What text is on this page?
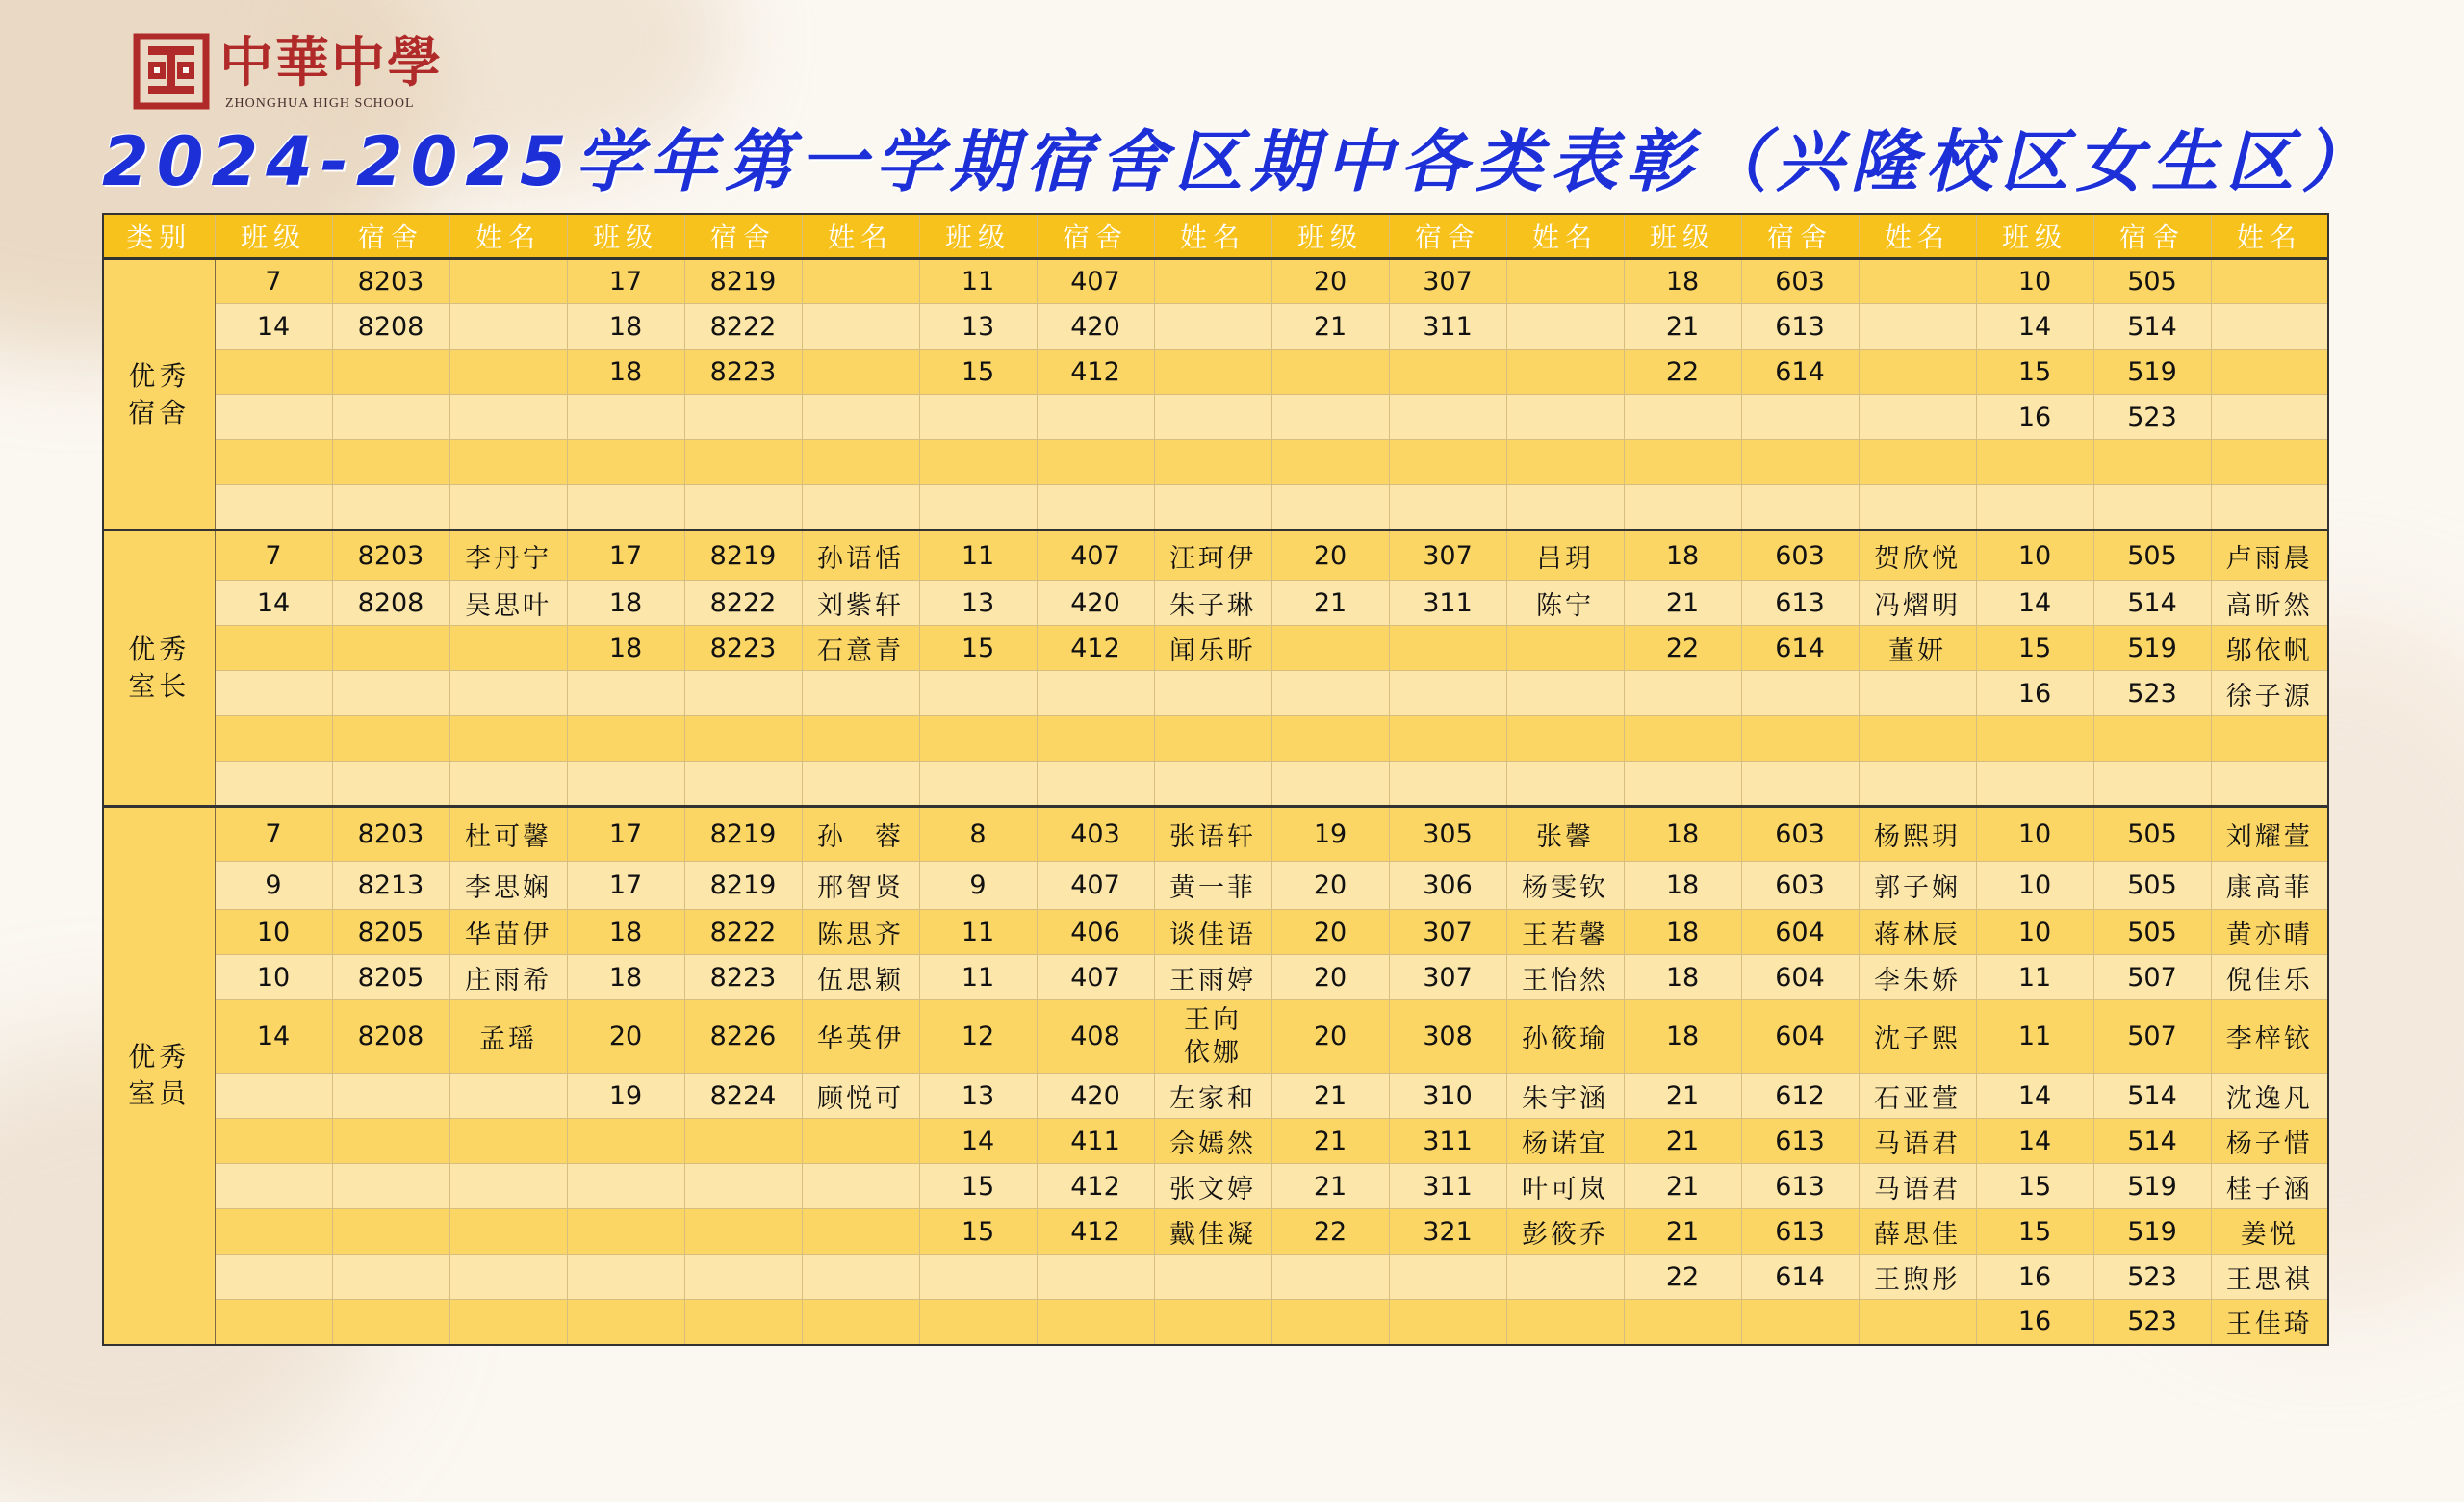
中華中學
ZHONGHUA HIGH SCHOOL
2024-2025学年第一学期宿舍区期中各类表彰（兴隆校区女生区）
类别	班级	宿舍	姓名	班级	宿舍	姓名	班级	宿舍	姓名	班级	宿舍	姓名	班级	宿舍	姓名	班级	宿舍	姓名
优秀
宿舍	7	8203		17	8219		11	407		20	307		18	603		10	505	
	14	8208		18	8222		13	420		21	311		21	613		14	514	
				18	8223		15	412					22	614		15	519	
																16	523	

优秀
室长	7	8203	李丹宁	17	8219	孙语恬	11	407	汪珂伊	20	307	吕玥	18	603	贺欣悦	10	505	卢雨晨
	14	8208	吴思叶	18	8222	刘紫轩	13	420	朱子琳	21	311	陈宁	21	613	冯熠明	14	514	高昕然
				18	8223	石意青	15	412	闻乐昕				22	614	董妍	15	519	邬依帆
																16	523	徐子源

优秀
室员	7	8203	杜可馨	17	8219	孙　蓉	8	403	张语轩	19	305	张馨	18	603	杨熙玥	10	505	刘耀萱
	9	8213	李思娴	17	8219	邢智贤	9	407	黄一菲	20	306	杨雯钦	18	603	郭子娴	10	505	康高菲
	10	8205	华苗伊	18	8222	陈思齐	11	406	谈佳语	20	307	王若馨	18	604	蒋林辰	10	505	黄亦晴
	10	8205	庄雨希	18	8223	伍思颖	11	407	王雨婷	20	307	王怡然	18	604	李朱娇	11	507	倪佳乐
	14	8208	孟瑶	20	8226	华英伊	12	408	王向
依娜	20	308	孙筱瑜	18	604	沈子熙	11	507	李梓铱
				19	8224	顾悦可	13	420	左家和	21	310	朱宇涵	21	612	石亚萱	14	514	沈逸凡
							14	411	佘嫣然	21	311	杨诺宜	21	613	马语君	14	514	杨子惜
							15	412	张文婷	21	311	叶可岚	21	613	马语君	15	519	桂子涵
							15	412	戴佳凝	22	321	彭筱乔	21	613	薛思佳	15	519	姜悦
													22	614	王煦彤	16	523	王思祺
																16	523	王佳琦
